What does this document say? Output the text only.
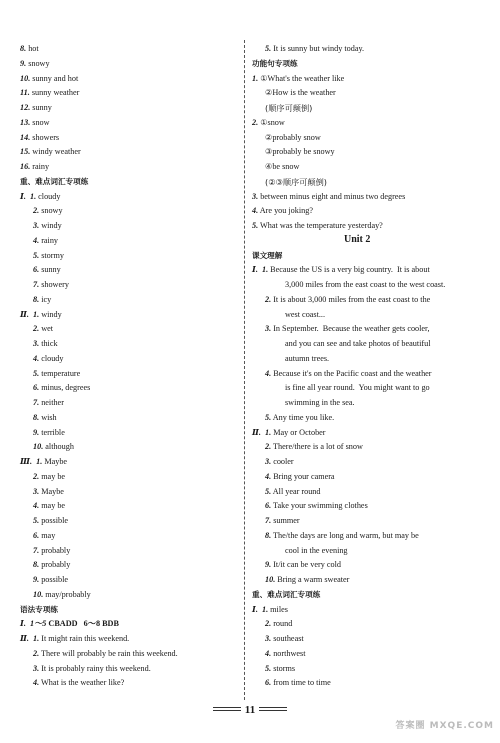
8. hot
9. snowy
10. sunny and hot
11. sunny weather
12. sunny
13. snow
14. showers
15. windy weather
16. rainy
重、难点词汇专项练
Ⅰ.  1. cloudy
2. snowy
3. windy
4. rainy
5. stormy
6. sunny
7. showery
8. icy
Ⅱ.  1. windy
2. wet
3. thick
4. cloudy
5. temperature
6. minus, degrees
7. neither
8. wish
9. terrible
10. although
Ⅲ.  1. Maybe
2. may be
3. Maybe
4. may be
5. possible
6. may
7. probably
8. probably
9. possible
10. may/probably
语法专项练
Ⅰ.  1～5 CBADD   6～8 BDB
Ⅱ.  1. It might rain this weekend.
2. There will probably be rain this weekend.
3. It is probably rainy this weekend.
4. What is the weather like?
5. It is sunny but windy today.
功能句专项练
1. ①What's the weather like
②How is the weather
(顺序可颠倒)
2. ①snow
②probably snow
③probably be snowy
④be snow
(②③顺序可颠倒)
3. between minus eight and minus two degrees
4. Are you joking?
5. What was the temperature yesterday?
Unit 2
课文理解
Ⅰ.  1. Because the US is a very big country.  It is about
3,000 miles from the east coast to the west coast.
2. It is about 3,000 miles from the east coast to the
west coast...
3. In September.  Because the weather gets cooler,
and you can see and take photos of beautiful
autumn trees.
4. Because it's on the Pacific coast and the weather
is fine all year round.  You might want to go
swimming in the sea.
5. Any time you like.
Ⅱ.  1. May or October
2. There/there is a lot of snow
3. cooler
4. Bring your camera
5. All year round
6. Take your swimming clothes
7. summer
8. The/the days are long and warm, but may be
cool in the evening
9. It/it can be very cold
10. Bring a warm sweater
重、难点词汇专项练
Ⅰ.  1. miles
2. round
3. southeast
4. northwest
5. storms
6. from time to time
11
答案圈 MXQE.COM
